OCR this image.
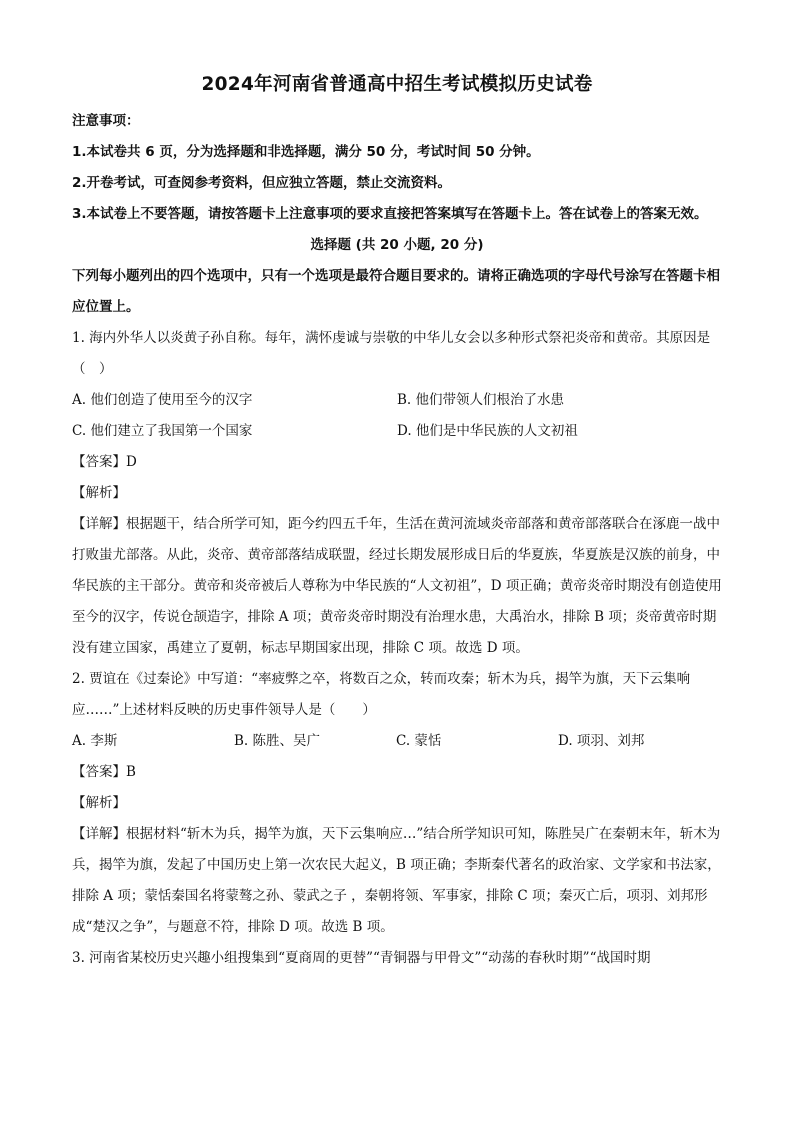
2024年河南省普通高中招生考试模拟历史试卷
注意事项：
1.本试卷共 6 页，分为选择题和非选择题，满分 50 分，考试时间 50 分钟。
2.开卷考试，可查阅参考资料，但应独立答题，禁止交流资料。
3.本试卷上不要答题，请按答题卡上注意事项的要求直接把答案填写在答题卡上。答在试卷上的答案无效。
选择题 (共 20 小题, 20 分)
下列每小题列出的四个选项中，只有一个选项是最符合题目要求的。请将正确选项的字母代号涂写在答题卡相应位置上。
1. 海内外华人以炎黄子孙自称。每年，满怀虔诚与崇敬的中华儿女会以多种形式祭祀炎帝和黄帝。其原因是（　）
A. 他们创造了使用至今的汉字	B. 他们带领人们根治了水患
C. 他们建立了我国第一个国家	D. 他们是中华民族的人文初祖
【答案】D
【解析】
【详解】根据题干，结合所学可知，距今约四五千年，生活在黄河流域炎帝部落和黄帝部落联合在涿鹿一战中打败蚩尤部落。从此，炎帝、黄帝部落结成联盟，经过长期发展形成日后的华夏族，华夏族是汉族的前身，中华民族的主干部分。黄帝和炎帝被后人尊称为中华民族的“人文初祖”，D 项正确；黄帝炎帝时期没有创造使用至今的汉字，传说仓颉造字，排除 A 项；黄帝炎帝时期没有治理水患，大禹治水，排除 B 项；炎帝黄帝时期没有建立国家，禹建立了夏朝，标志早期国家出现，排除 C 项。故选 D 项。
2. 贾谊在《过秦论》中写道：“率疲弊之卒，将数百之众，转而攻秦；斩木为兵，揭竿为旗，天下云集响应……”上述材料反映的历史事件领导人是（　　）
A. 李斯	B. 陈胜、吴广	C. 蒙恬	D. 项羽、刘邦
【答案】B
【解析】
【详解】根据材料“斩木为兵，揭竿为旗，天下云集响应…”结合所学知识可知，陈胜吴广在秦朝末年，斩木为兵，揭竿为旗，发起了中国历史上第一次农民大起义，B 项正确；李斯秦代著名的政治家、文学家和书法家，排除 A 项；蒙恬秦国名将蒙骜之孙、蒙武之子 ，秦朝将领、军事家，排除 C 项；秦灭亡后，项羽、刘邦形成“楚汉之争”，与题意不符，排除 D 项。故选 B 项。
3. 河南省某校历史兴趣小组搜集到“夏商周的更替”“青铜器与甲骨文”“动荡的春秋时期”“战国时期
